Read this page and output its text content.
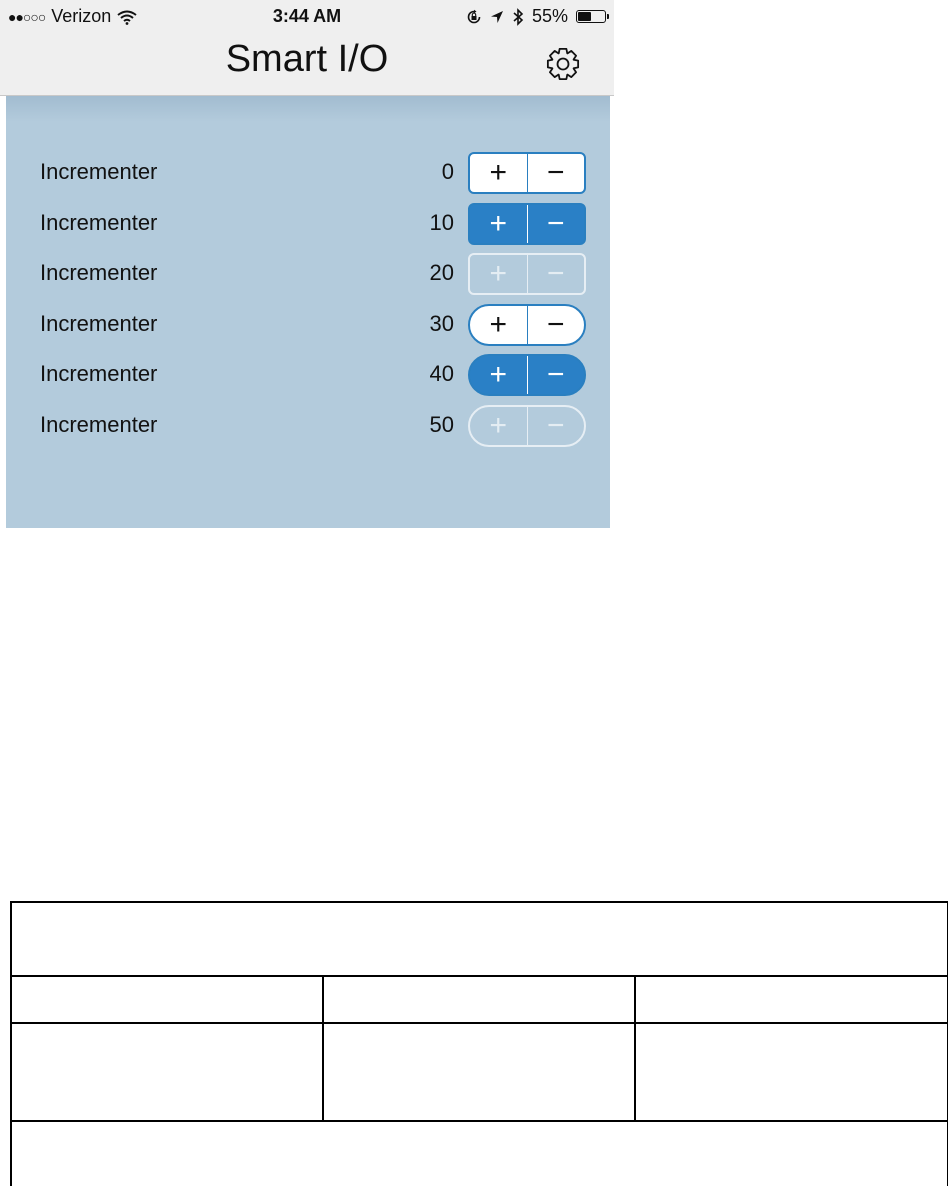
●●○○○ Verizon	3:44 AM	55%
Smart I/O
Incrementer	0	+	−
Incrementer	10	+	−
Incrementer	20	+	−
Incrementer	30	+	−
Incrementer	40	+	−
Incrementer	50	+	−
